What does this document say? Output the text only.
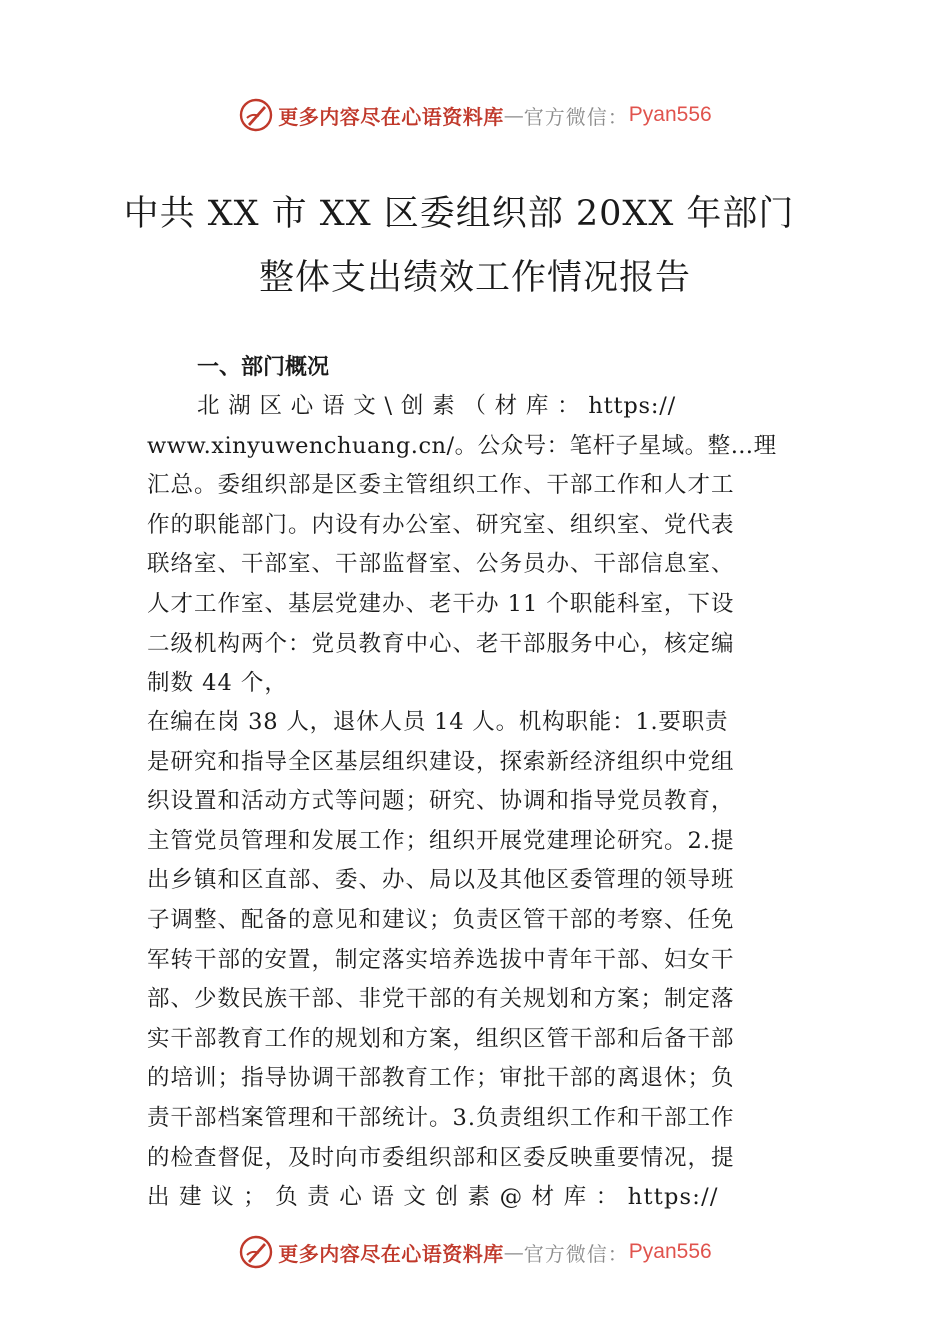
更多内容尽在心语资料库 — 官方微信： Pyan556
中共 XX 市 XX 区委组织部 20XX 年部门
整体支出绩效工作情况报告
一、部门概况
北 湖 区 心 语 文 \ 创 素 （ 材 库 ： https://
www.xinyuwenchuang.cn/。公众号：笔杆子星域。整…理
汇总。委组织部是区委主管组织工作、干部工作和人才工
作的职能部门。内设有办公室、研究室、组织室、党代表
联络室、干部室、干部监督室、公务员办、干部信息室、
人才工作室、基层党建办、老干办 11 个职能科室，下设
二级机构两个：党员教育中心、老干部服务中心，核定编
制数 44 个，
在编在岗 38 人，退休人员 14 人。机构职能：1.要职责
是研究和指导全区基层组织建设，探索新经济组织中党组
织设置和活动方式等问题；研究、协调和指导党员教育，
主管党员管理和发展工作；组织开展党建理论研究。2.提
出乡镇和区直部、委、办、局以及其他区委管理的领导班
子调整、配备的意见和建议；负责区管干部的考察、任免
军转干部的安置，制定落实培养选拔中青年干部、妇女干
部、少数民族干部、非党干部的有关规划和方案；制定落
实干部教育工作的规划和方案，组织区管干部和后备干部
的培训；指导协调干部教育工作；审批干部的离退休；负
责干部档案管理和干部统计。3.负责组织工作和干部工作
的检查督促，及时向市委组织部和区委反映重要情况，提
出 建 议 ； 负 责 心 语 文 创 素 @ 材 库 ： https://
更多内容尽在心语资料库 — 官方微信： Pyan556
